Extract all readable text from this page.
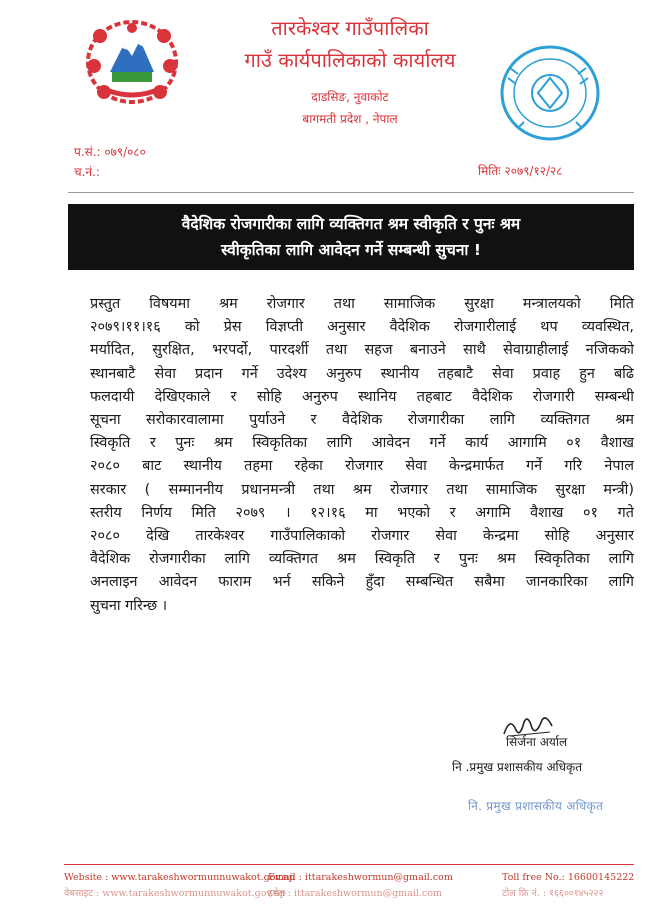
तारकेश्वर गाउँपालिका
गाउँ कार्यपालिकाको कार्यालय
दाडसिङ, नुवाकोट
बागमती प्रदेश , नेपाल
प.सं.: ०७९/०८०
च.नं.:	मितिः २०७९/१२/२८
वैदेशिक रोजगारीका लागि व्यक्तिगत श्रम स्वीकृति र पुनः श्रम
स्वीकृतिका लागि आवेदन गर्ने सम्बन्धी सुचना !
प्रस्तुत विषयमा श्रम रोजगार तथा सामाजिक सुरक्षा मन्त्रालयको मिति
२०७९।११।१६ को प्रेस विज्ञप्ती अनुसार वैदेशिक रोजगारीलाई थप व्यवस्थित,
मर्यादित, सुरक्षित, भरपर्दो, पारदर्शी तथा सहज बनाउने साथै सेवाग्राहीलाई नजिकको
स्थानबाटै सेवा प्रदान गर्ने उदेश्य अनुरुप स्थानीय तहबाटै सेवा प्रवाह हुन बढि
फलदायी देखिएकाले र सोहि अनुरुप स्थानिय तहबाट वैदेशिक रोजगारी सम्बन्धी
सूचना सरोकारवालामा पुर्याउने र वैदेशिक रोजगारीका लागि व्यक्तिगत श्रम
स्विकृति र पुनः श्रम स्विकृतिका लागि आवेदन गर्ने कार्य आगामि ०१ वैशाख
२०८० बाट स्थानीय तहमा रहेका रोजगार सेवा केन्द्रमार्फत गर्ने गरि नेपाल
सरकार ( सम्माननीय प्रधानमन्त्री तथा श्रम रोजगार तथा सामाजिक सुरक्षा मन्त्री)
स्तरीय निर्णय मिति २०७९ । १२।१६ मा भएको र अगामि वैशाख ०१ गते
२०८० देखि तारकेश्वर गाउँपालिकाको रोजगार सेवा केन्द्रमा सोहि अनुसार
वैदेशिक रोजगारीका लागि व्यक्तिगत श्रम स्विकृति र पुनः श्रम स्विकृतिका लागि
अनलाइन आवेदन फाराम भर्न सकिने हुँदा सम्बन्धित सबैमा जानकारिका लागि
सुचना गरिन्छ ।
सिर्जना अर्याल
नि .प्रमुख प्रशासकीय अधिकृत
नि. प्रमुख प्रशासकीय अधिकृत
Website : www.tarakeshwormunnuwakot.gov.np
Email : ittarakeshwormun@gmail.com	Toll free No.: 16600145222
वेबसाइट : www.tarakeshwormunnuwakot.gov.np
इमेल : ittarakeshwormun@gmail.com	टोल फ्रि नं. : १६६००१४५२२२
